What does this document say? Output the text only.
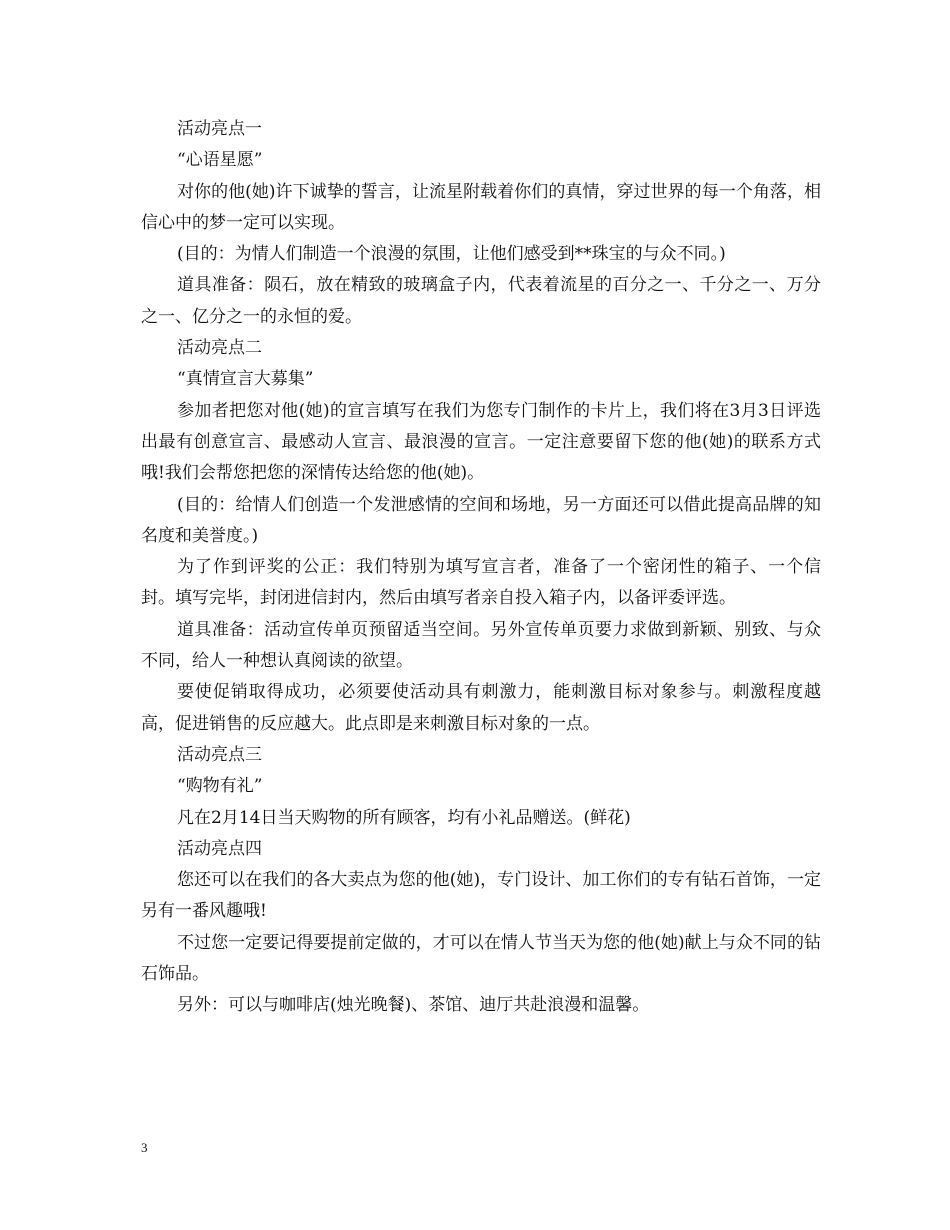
活动亮点一

“心语星愿”

对你的他(她)许下诚挚的誓言，让流星附载着你们的真情，穿过世界的每一个角落，相信心中的梦一定可以实现。

(目的：为情人们制造一个浪漫的氛围，让他们感受到**珠宝的与众不同。)

道具准备：陨石，放在精致的玻璃盒子内，代表着流星的百分之一、千分之一、万分之一、亿分之一的永恒的爱。

活动亮点二

“真情宣言大募集”

参加者把您对他(她)的宣言填写在我们为您专门制作的卡片上，我们将在3月3日评选出最有创意宣言、最感动人宣言、最浪漫的宣言。一定注意要留下您的他(她)的联系方式哦!我们会帮您把您的深情传达给您的他(她)。

(目的：给情人们创造一个发泄感情的空间和场地，另一方面还可以借此提高品牌的知名度和美誉度。)

为了作到评奖的公正：我们特别为填写宣言者，准备了一个密闭性的箱子、一个信封。填写完毕，封闭进信封内，然后由填写者亲自投入箱子内，以备评委评选。

道具准备：活动宣传单页预留适当空间。另外宣传单页要力求做到新颖、别致、与众不同，给人一种想认真阅读的欲望。

要使促销取得成功，必须要使活动具有刺激力，能刺激目标对象参与。刺激程度越高，促进销售的反应越大。此点即是来刺激目标对象的一点。

活动亮点三

“购物有礼”

凡在2月14日当天购物的所有顾客，均有小礼品赠送。(鲜花)

活动亮点四

您还可以在我们的各大卖点为您的他(她)，专门设计、加工你们的专有钻石首饰，一定另有一番风趣哦!

不过您一定要记得要提前定做的，才可以在情人节当天为您的他(她)献上与众不同的钻石饰品。

另外：可以与咖啡店(烛光晚餐)、茶馆、迪厅共赴浪漫和温馨。

3
